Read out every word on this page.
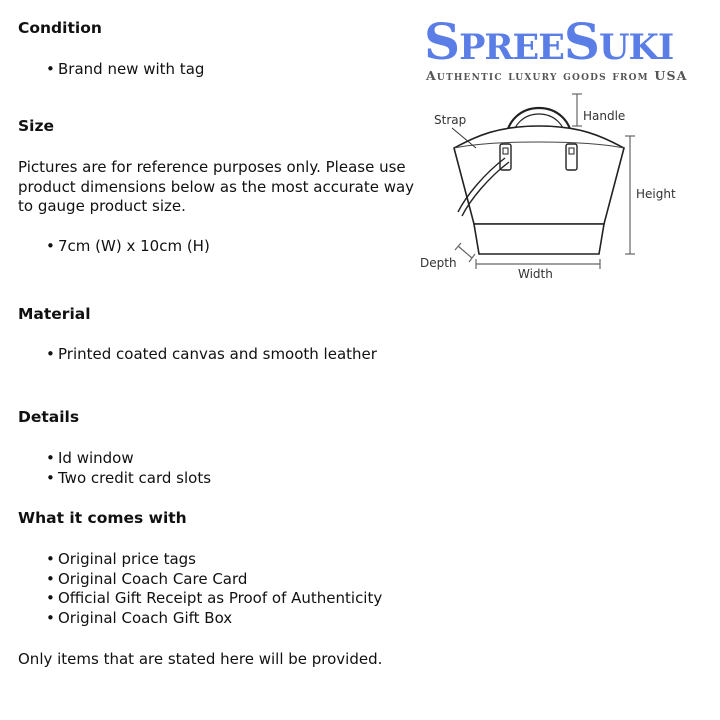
SpreeSuki
Authentic luxury goods from USA
Strap	Handle
Height
Depth
Width
Condition
• Brand new with tag
Size
Pictures are for reference purposes only. Please use product dimensions below as the most accurate way to gauge product size.
• 7cm (W) x 10cm (H)
Material
• Printed coated canvas and smooth leather
Details
• Id window
• Two credit card slots
What it comes with
• Original price tags
• Original Coach Care Card
• Official Gift Receipt as Proof of Authenticity
• Original Coach Gift Box
Only items that are stated here will be provided.
